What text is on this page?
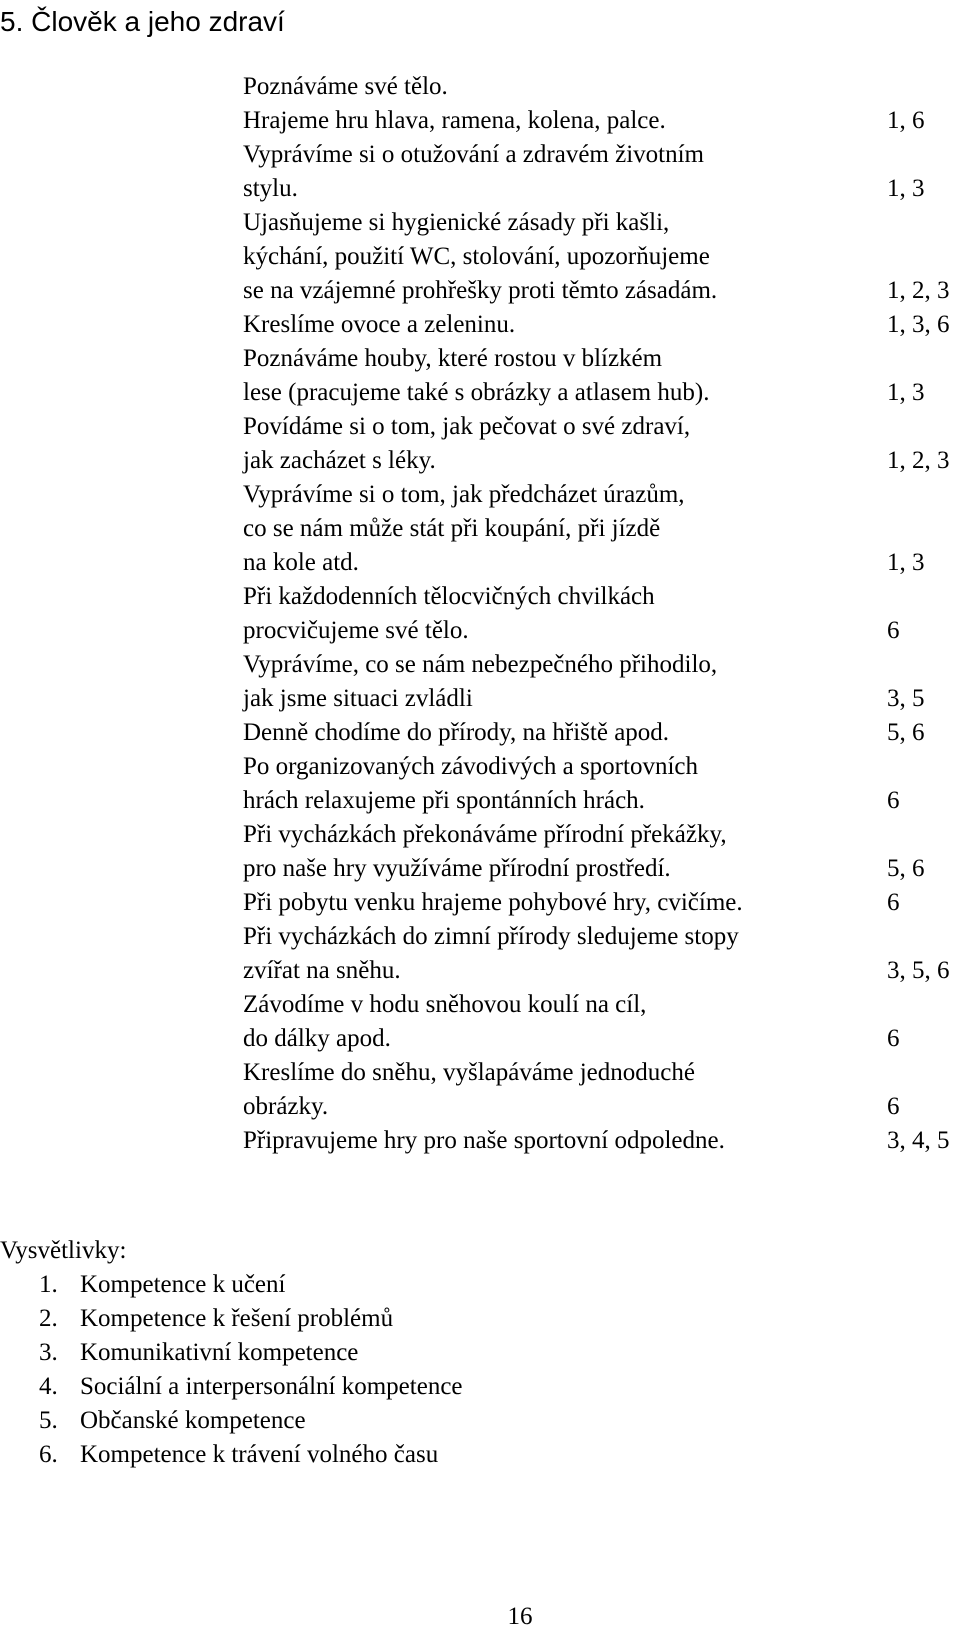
5. Člověk a jeho zdraví
Poznáváme své tělo.
Hrajeme hru hlava, ramena, kolena, palce.	1, 6
Vyprávíme si o otužování a zdravém životním
stylu.	1, 3
Ujasňujeme si hygienické zásady při kašli,
kýchání, použití WC, stolování, upozorňujeme
se na vzájemné prohřešky proti těmto zásadám.	1, 2, 3
Kreslíme ovoce a zeleninu.	1, 3, 6
Poznáváme houby, které rostou v blízkém
lese (pracujeme také s obrázky a atlasem hub).	1, 3
Povídáme si o tom, jak pečovat o své zdraví,
jak zacházet s léky.	1, 2, 3
Vyprávíme si o tom, jak předcházet úrazům,
co se nám může stát při koupání, při jízdě
na kole atd.	1, 3
Při každodenních tělocvičných chvilkách
procvičujeme své tělo.	6
Vyprávíme, co se nám nebezpečného přihodilo,
jak jsme situaci zvládli	3, 5
Denně chodíme do přírody, na hřiště apod.	5, 6
Po organizovaných závodivých a sportovních
hrách relaxujeme při spontánních hrách.	6
Při vycházkách překonáváme přírodní překážky,
pro naše hry využíváme přírodní prostředí.	5, 6
Při pobytu venku hrajeme pohybové hry, cvičíme.	6
Při vycházkách do zimní přírody sledujeme stopy
zvířat na sněhu.	3, 5, 6
Závodíme v hodu sněhovou koulí na cíl,
do dálky apod.	6
Kreslíme do sněhu, vyšlapáváme jednoduché
obrázky.	6
Připravujeme hry pro naše sportovní odpoledne.	3, 4, 5
Vysvětlivky:
1. Kompetence k učení
2. Kompetence k řešení problémů
3. Komunikativní kompetence
4. Sociální a interpersonální kompetence
5. Občanské kompetence
6. Kompetence k trávení volného času
16
